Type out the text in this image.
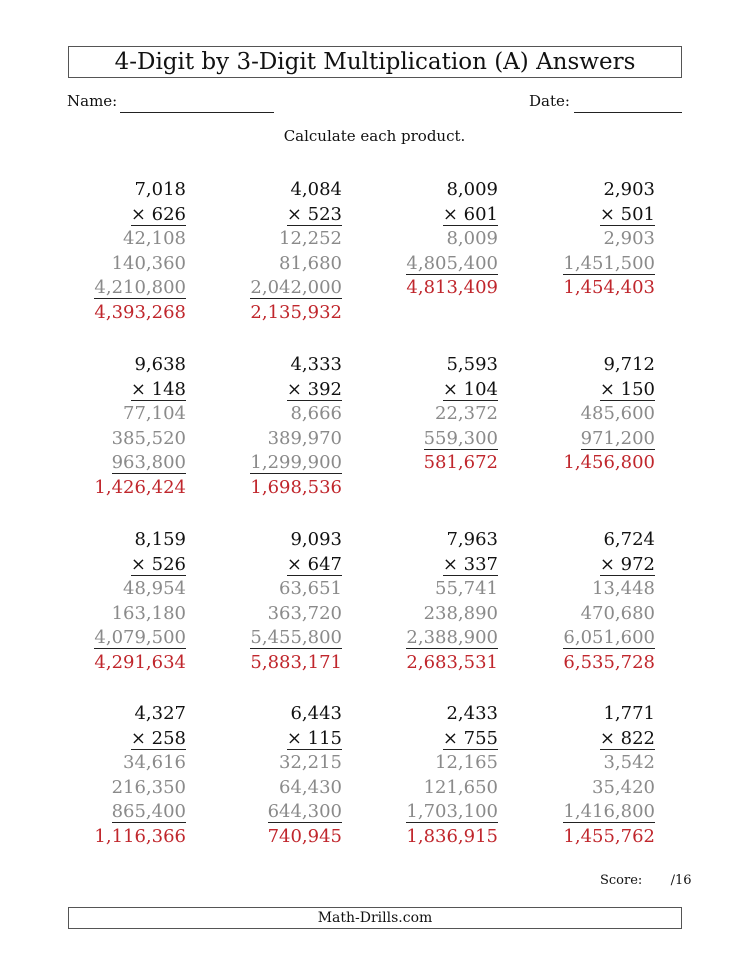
4-Digit by 3-Digit Multiplication (A) Answers
Name:	Date:
Calculate each product.
7,018
× 626
42,108
140,360
4,210,800
4,393,268
4,084
× 523
12,252
81,680
2,042,000
2,135,932
8,009
× 601
8,009
4,805,400
4,813,409
2,903
× 501
2,903
1,451,500
1,454,403
9,638
× 148
77,104
385,520
963,800
1,426,424
4,333
× 392
8,666
389,970
1,299,900
1,698,536
5,593
× 104
22,372
559,300
581,672
9,712
× 150
485,600
971,200
1,456,800
8,159
× 526
48,954
163,180
4,079,500
4,291,634
9,093
× 647
63,651
363,720
5,455,800
5,883,171
7,963
× 337
55,741
238,890
2,388,900
2,683,531
6,724
× 972
13,448
470,680
6,051,600
6,535,728
4,327
× 258
34,616
216,350
865,400
1,116,366
6,443
× 115
32,215
64,430
644,300
740,945
2,433
× 755
12,165
121,650
1,703,100
1,836,915
1,771
× 822
3,542
35,420
1,416,800
1,455,762
Score: /16
Math-Drills.com
